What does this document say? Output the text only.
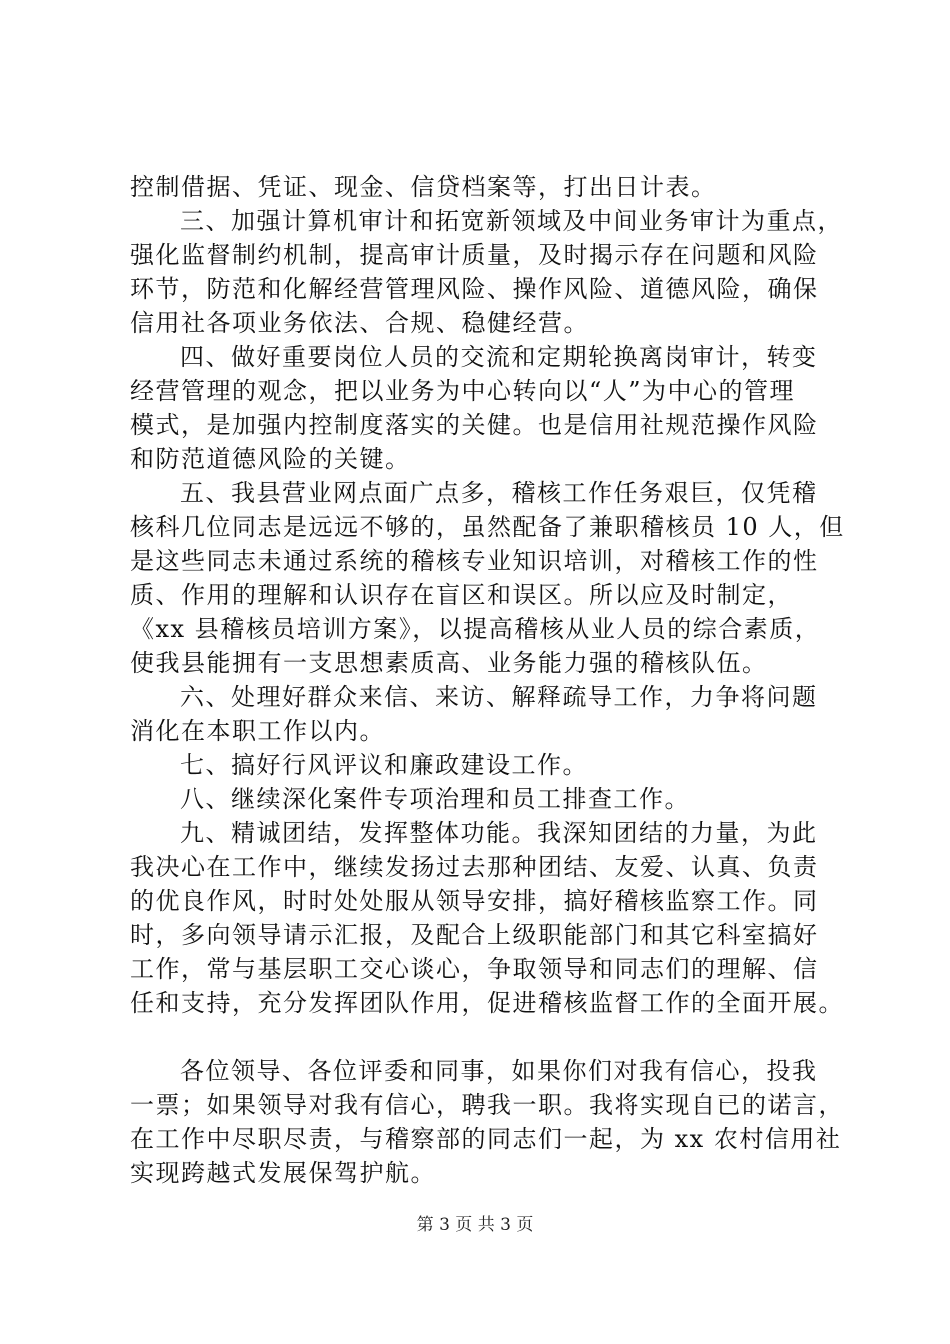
控制借据、凭证、现金、信贷档案等，打出日计表。
三、加强计算机审计和拓宽新领域及中间业务审计为重点，
强化监督制约机制，提高审计质量，及时揭示存在问题和风险
环节，防范和化解经营管理风险、操作风险、道德风险，确保
信用社各项业务依法、合规、稳健经营。
四、做好重要岗位人员的交流和定期轮换离岗审计，转变
经营管理的观念，把以业务为中心转向以“人”为中心的管理
模式，是加强内控制度落实的关健。也是信用社规范操作风险
和防范道德风险的关键。
五、我县营业网点面广点多，稽核工作任务艰巨，仅凭稽
核科几位同志是远远不够的，虽然配备了兼职稽核员 10 人，但
是这些同志未通过系统的稽核专业知识培训，对稽核工作的性
质、作用的理解和认识存在盲区和误区。所以应及时制定，
《xx 县稽核员培训方案》，以提高稽核从业人员的综合素质，
使我县能拥有一支思想素质高、业务能力强的稽核队伍。
六、处理好群众来信、来访、解释疏导工作，力争将问题
消化在本职工作以内。
七、搞好行风评议和廉政建设工作。
八、继续深化案件专项治理和员工排查工作。
九、精诚团结，发挥整体功能。我深知团结的力量，为此
我决心在工作中，继续发扬过去那种团结、友爱、认真、负责
的优良作风，时时处处服从领导安排，搞好稽核监察工作。同
时，多向领导请示汇报，及配合上级职能部门和其它科室搞好
工作，常与基层职工交心谈心，争取领导和同志们的理解、信
任和支持，充分发挥团队作用，促进稽核监督工作的全面开展。
各位领导、各位评委和同事，如果你们对我有信心，投我
一票；如果领导对我有信心，聘我一职。我将实现自已的诺言，
在工作中尽职尽责，与稽察部的同志们一起，为 xx 农村信用社
实现跨越式发展保驾护航。
第 3 页 共 3 页
